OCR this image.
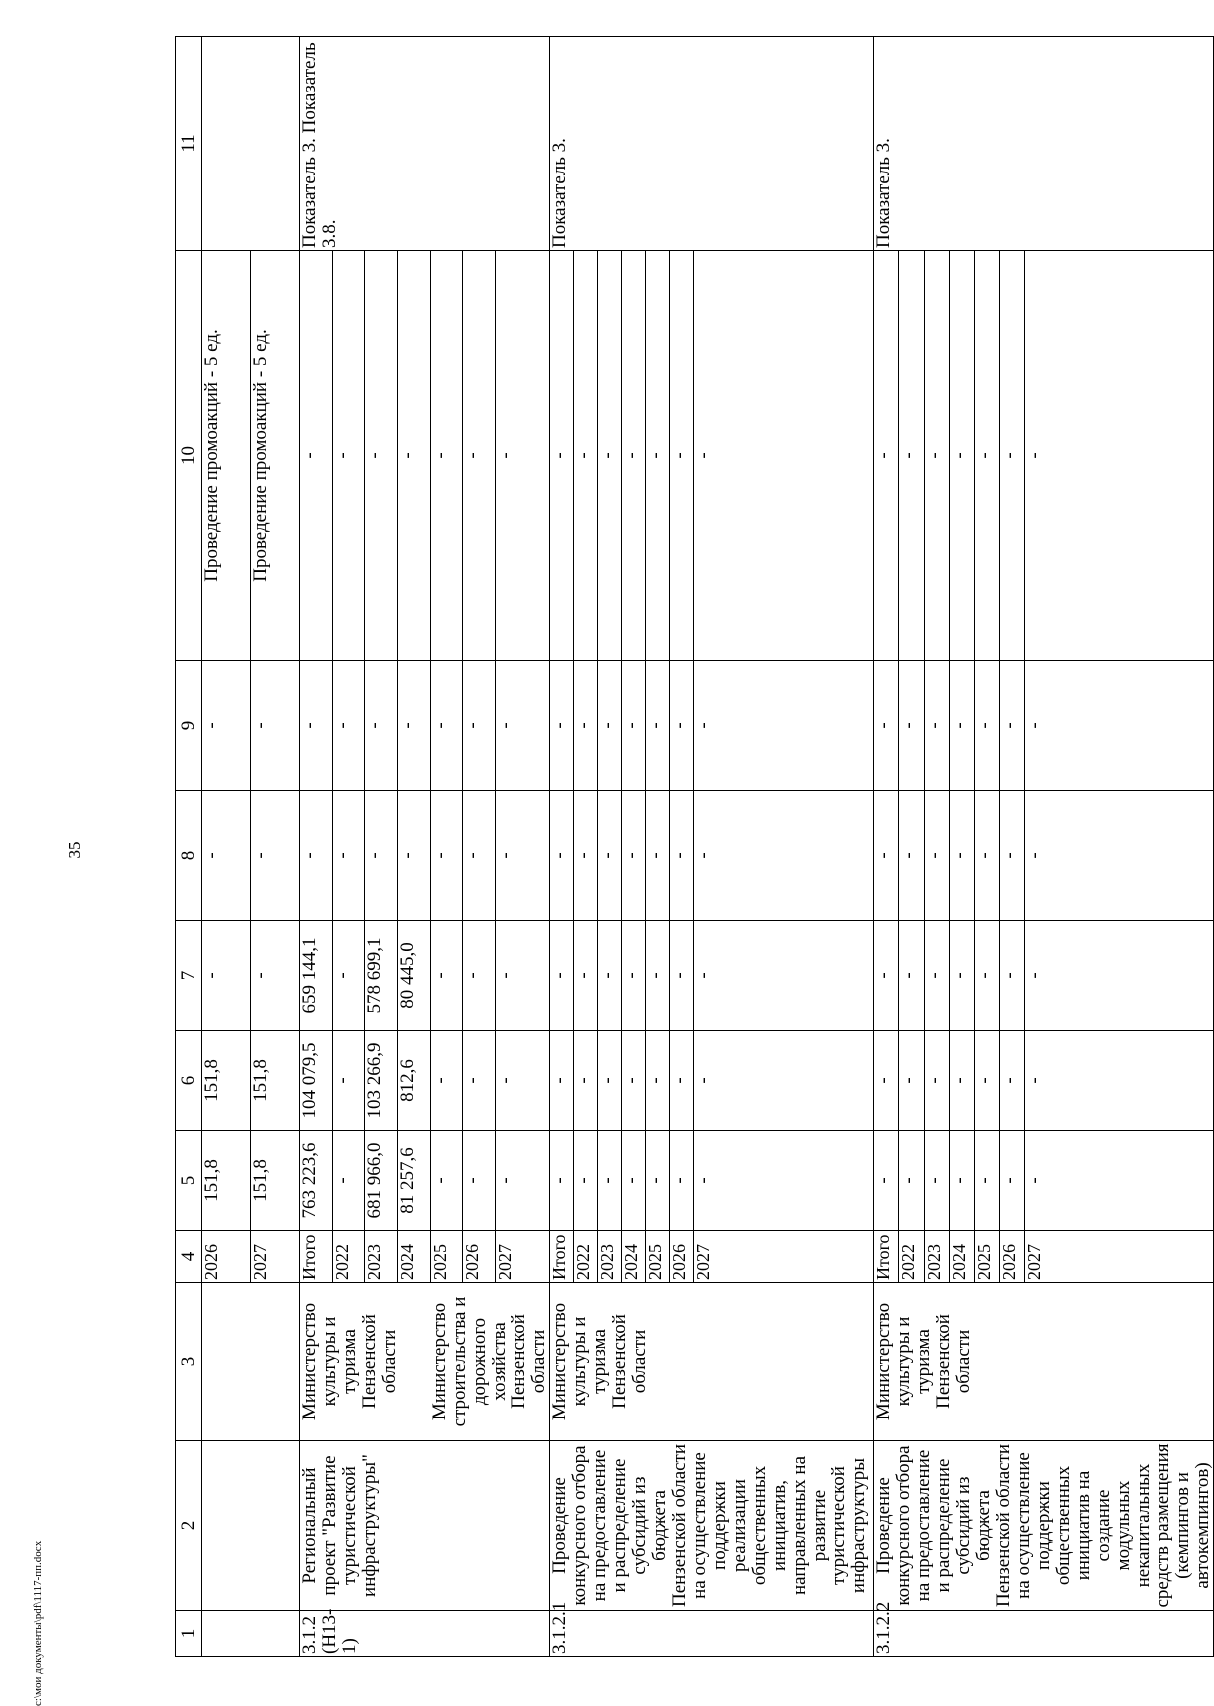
35
c:\мои документы\pdf\1117-пп.docx	1	2	3	4	5	6	7	8	9	10	11
			2026	151,8	151,8	-	-	-	Проведение промоакций - 5 ед.	
			2027	151,8	151,8	-	-	-	Проведение промоакций - 5 ед.	
3.1.2 (Н13-1)	Региональный проект "Развитие туристической инфраструктуры"	Министерство культуры и туризма Пензенской области Министерство строительства и дорожного хозяйства Пензенской области	Итого	763 223,6	104 079,5	659 144,1	-	-	-	Показатель 3. Показатель 3.8.
			2022	-	-	-	-	-	-	
			2023	681 966,0	103 266,9	578 699,1	-	-	-	
			2024	81 257,6	812,6	80 445,0	-	-	-	
			2025	-	-	-	-	-	-	
			2026	-	-	-	-	-	-	
			2027	-	-	-	-	-	-	
3.1.2.1	Проведение конкурсного отбора на предоставление и распределение субсидий из бюджета Пензенской области на осуществление поддержки реализации общественных инициатив, направленных на развитие туристической инфраструктуры	Министерство культуры и туризма Пензенской области	Итого	-	-	-	-	-	-	Показатель 3.
			2022	-	-	-	-	-	-	
			2023	-	-	-	-	-	-	
			2024	-	-	-	-	-	-	
			2025	-	-	-	-	-	-	
			2026	-	-	-	-	-	-	
			2027	-	-	-	-	-	-	
3.1.2.2	Проведение конкурсного отбора на предоставление и распределение субсидий из бюджета Пензенской области на осуществление поддержки общественных инициатив на создание модульных некапитальных средств размещения (кемпингов и автокемпингов)	Министерство культуры и туризма Пензенской области	Итого	-	-	-	-	-	-	Показатель 3.
			2022	-	-	-	-	-	-	
			2023	-	-	-	-	-	-	
			2024	-	-	-	-	-	-	
			2025	-	-	-	-	-	-	
			2026	-	-	-	-	-	-	
			2027	-	-	-	-	-	-	
